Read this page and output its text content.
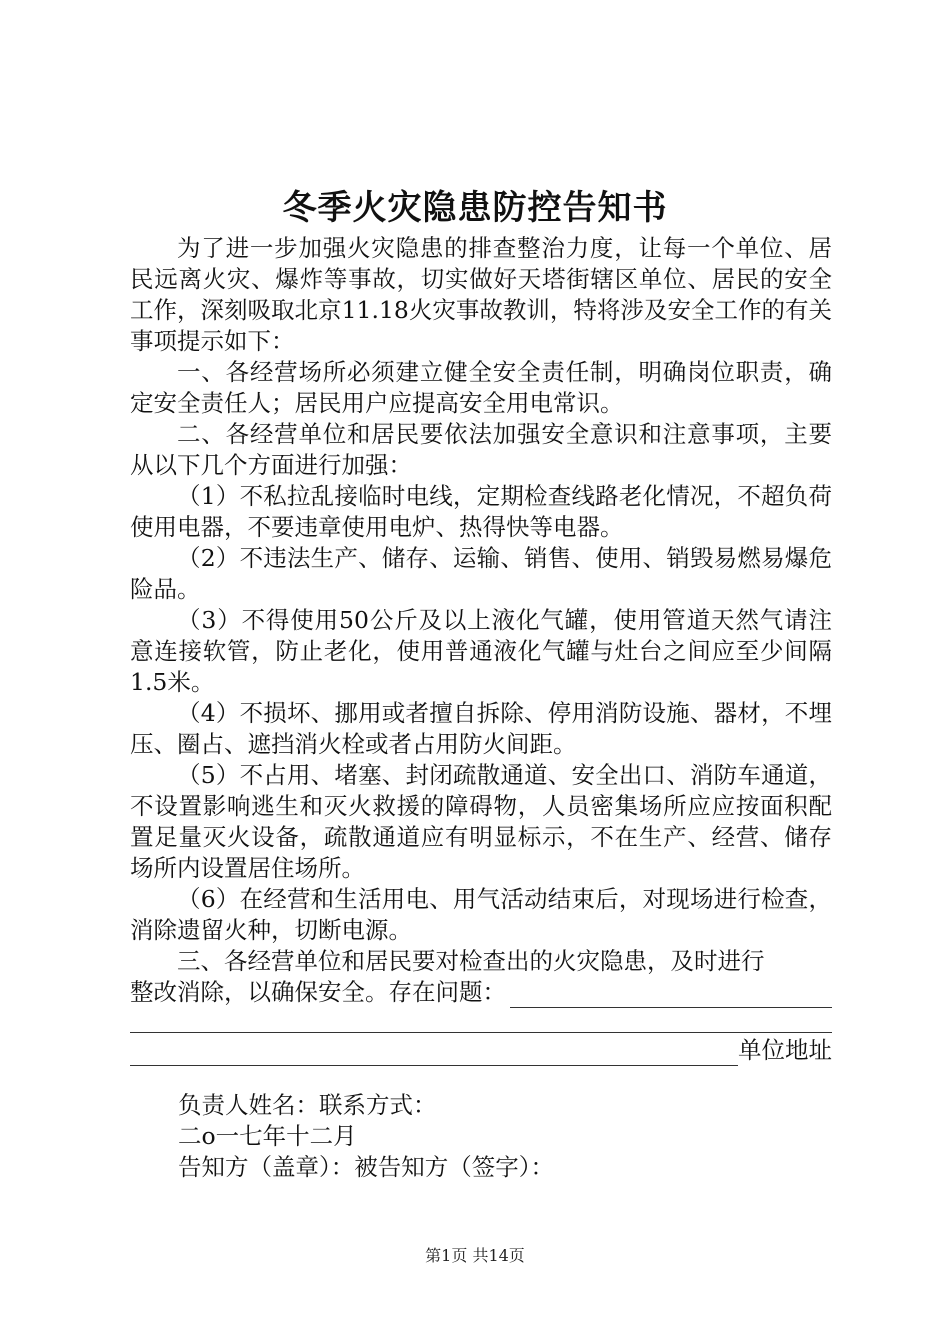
冬季火灾隐患防控告知书

为了进一步加强火灾隐患的排查整治力度，让每一个单位、居民远离火灾、爆炸等事故，切实做好天塔街辖区单位、居民的安全工作，深刻吸取北京11.18火灾事故教训，特将涉及安全工作的有关事项提示如下：

一、各经营场所必须建立健全安全责任制，明确岗位职责，确定安全责任人；居民用户应提高安全用电常识。

二、各经营单位和居民要依法加强安全意识和注意事项，主要从以下几个方面进行加强：

（1）不私拉乱接临时电线，定期检查线路老化情况，不超负荷使用电器，不要违章使用电炉、热得快等电器。

（2）不违法生产、储存、运输、销售、使用、销毁易燃易爆危险品。

（3）不得使用50公斤及以上液化气罐，使用管道天然气请注意连接软管，防止老化，使用普通液化气罐与灶台之间应至少间隔1.5米。

（4）不损坏、挪用或者擅自拆除、停用消防设施、器材，不埋压、圈占、遮挡消火栓或者占用防火间距。

（5）不占用、堵塞、封闭疏散通道、安全出口、消防车通道，不设置影响逃生和灭火救援的障碍物，人员密集场所应应按面积配置足量灭火设备，疏散通道应有明显标示，不在生产、经营、储存场所内设置居住场所。

（6）在经营和生活用电、用气活动结束后，对现场进行检查，消除遗留火种，切断电源。

三、各经营单位和居民要对检查出的火灾隐患，及时进行

整改消除，以确保安全。存在问题：
单位地址
负责人姓名：联系方式：
二o一七年十二月
告知方（盖章）：被告知方（签字）：
第1页 共14页
